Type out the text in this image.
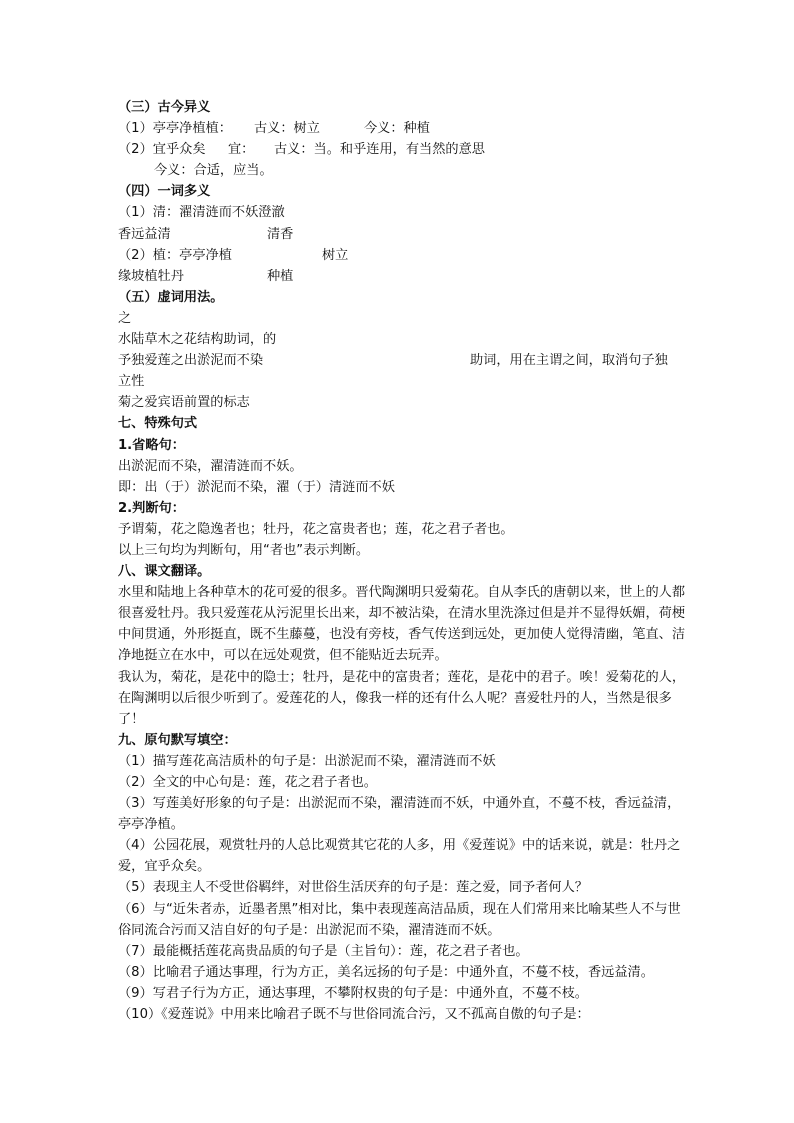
（三）古今异义
（1）亭亭净植植： 古义：树立	今义：种植
（2）宜乎众矣 宜： 古义：当。和乎连用，有当然的意思
今义：合适，应当。
（四）一词多义
（1）清：濯清涟而不妖澄澈
香远益清	清香
（2）植：亭亭净植	树立
缘坡植牡丹	种植
（五）虚词用法。
之
水陆草木之花结构助词，的
予独爱莲之出淤泥而不染	助词，用在主谓之间，取消句子独
立性
菊之爱宾语前置的标志
七、特殊句式
1.省略句：
出淤泥而不染，濯清涟而不妖。
即：出（于）淤泥而不染，濯（于）清涟而不妖
2.判断句：
予谓菊，花之隐逸者也；牡丹，花之富贵者也；莲，花之君子者也。
以上三句均为判断句，用“者也”表示判断。
八、课文翻译。
水里和陆地上各种草木的花可爱的很多。晋代陶渊明只爱菊花。自从李氏的唐朝以来，世上的人都很喜爱牡丹。我只爱莲花从污泥里长出来，却不被沾染，在清水里洗涤过但是并不显得妖媚，荷梗中间贯通，外形挺直，既不生藤蔓，也没有旁枝，香气传送到远处，更加使人觉得清幽，笔直、洁净地挺立在水中，可以在远处观赏，但不能贴近去玩弄。
我认为，菊花，是花中的隐士；牡丹，是花中的富贵者；莲花，是花中的君子。唉！爱菊花的人，在陶渊明以后很少听到了。爱莲花的人，像我一样的还有什么人呢？喜爱牡丹的人，当然是很多了！
九、原句默写填空：
（1）描写莲花高洁质朴的句子是：出淤泥而不染，濯清涟而不妖
（2）全文的中心句是：莲，花之君子者也。
（3）写莲美好形象的句子是：出淤泥而不染，濯清涟而不妖，中通外直，不蔓不枝，香远益清，亭亭净植。
（4）公园花展，观赏牡丹的人总比观赏其它花的人多，用《爱莲说》中的话来说，就是：牡丹之爱，宜乎众矣。
（5）表现主人不受世俗羁绊，对世俗生活厌弃的句子是：莲之爱，同予者何人？
（6）与“近朱者赤，近墨者黑”相对比，集中表现莲高洁品质，现在人们常用来比喻某些人不与世俗同流合污而又洁自好的句子是：出淤泥而不染，濯清涟而不妖。
（7）最能概括莲花高贵品质的句子是（主旨句）：莲，花之君子者也。
（8）比喻君子通达事理，行为方正，美名远扬的句子是：中通外直，不蔓不枝，香远益清。
（9）写君子行为方正，通达事理，不攀附权贵的句子是：中通外直，不蔓不枝。
（10）《爱莲说》中用来比喻君子既不与世俗同流合污，又不孤高自傲的句子是：
